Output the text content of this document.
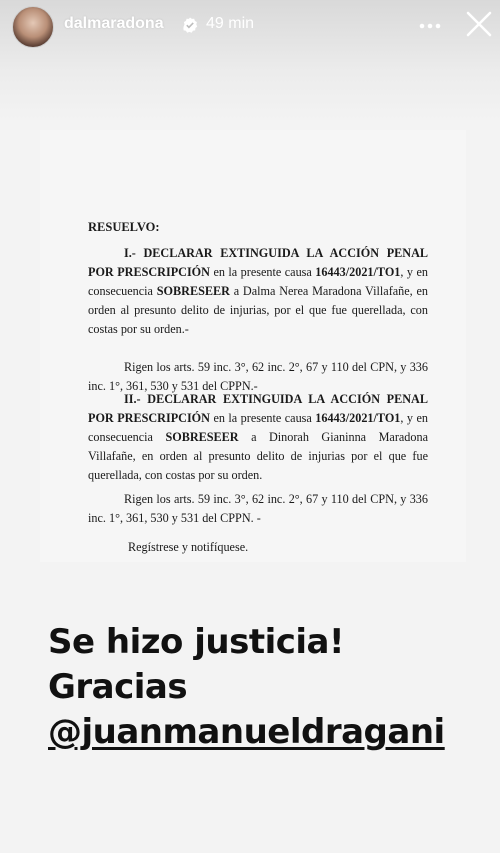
dalmaradona	49 min

RESUELVO:

I.- DECLARAR EXTINGUIDA LA ACCIÓN PENAL POR PRESCRIPCIÓN en la presente causa 16443/2021/TO1, y en consecuencia SOBRESEER a Dalma Nerea Maradona Villafañe, en orden al presunto delito de injurias, por el que fue querellada, con costas por su orden.-

Rigen los arts. 59 inc. 3°, 62 inc. 2°, 67 y 110 del CPN, y 336 inc. 1°, 361, 530 y 531 del CPPN.-

II.- DECLARAR EXTINGUIDA LA ACCIÓN PENAL POR PRESCRIPCIÓN en la presente causa 16443/2021/TO1, y en consecuencia SOBRESEER a Dinorah Gianinna Maradona Villafañe, en orden al presunto delito de injurias por el que fue querellada, con costas por su orden.

Rigen los arts. 59 inc. 3°, 62 inc. 2°, 67 y 110 del CPN, y 336 inc. 1°, 361, 530 y 531 del CPPN. -

Regístrese y notifíquese.

Se hizo justicia!
Gracias
@juanmanueldragani
